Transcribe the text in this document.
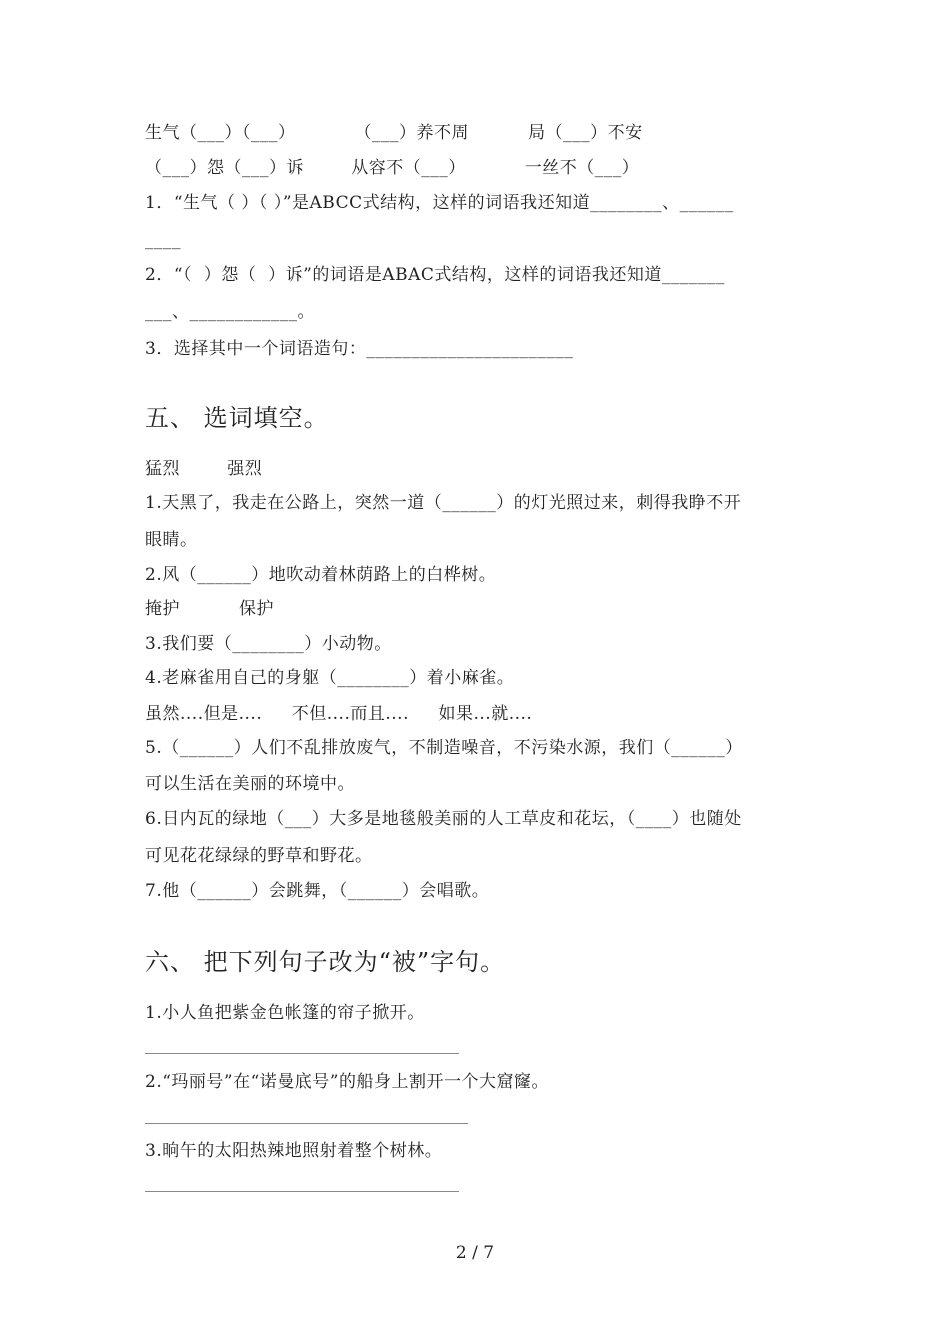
生气（___）（___）          （___）养不周          局（___）不安
（___）怨（___）诉        从容不（___）          一丝不（___）
1．“生气（ ）（ ）”是ABCC式结构，这样的词语我还知道________、______
____
2．“（  ）怨（  ）诉”的词语是ABAC式结构，这样的词语我还知道_______
___、____________。
3．选择其中一个词语造句：_______________________
五、 选词填空。
猛烈        强烈
1.天黑了，我走在公路上，突然一道（______）的灯光照过来，刺得我睁不开
眼睛。
2.风（______）地吹动着林荫路上的白桦树。
掩护          保护
3.我们要（________）小动物。
4.老麻雀用自己的身躯（________）着小麻雀。
虽然....但是....     不但....而且....     如果...就....
5.（______）人们不乱排放废气，不制造噪音，不污染水源，我们（______）
可以生活在美丽的环境中。
6.日内瓦的绿地（___）大多是地毯般美丽的人工草皮和花坛，（____）也随处
可见花花绿绿的野草和野花。
7.他（______）会跳舞，（______）会唱歌。
六、 把下列句子改为“被”字句。
1.小人鱼把紫金色帐篷的帘子掀开。
2.“玛丽号”在“诺曼底号”的船身上割开一个大窟窿。
3.晌午的太阳热辣地照射着整个树林。
2 / 7
